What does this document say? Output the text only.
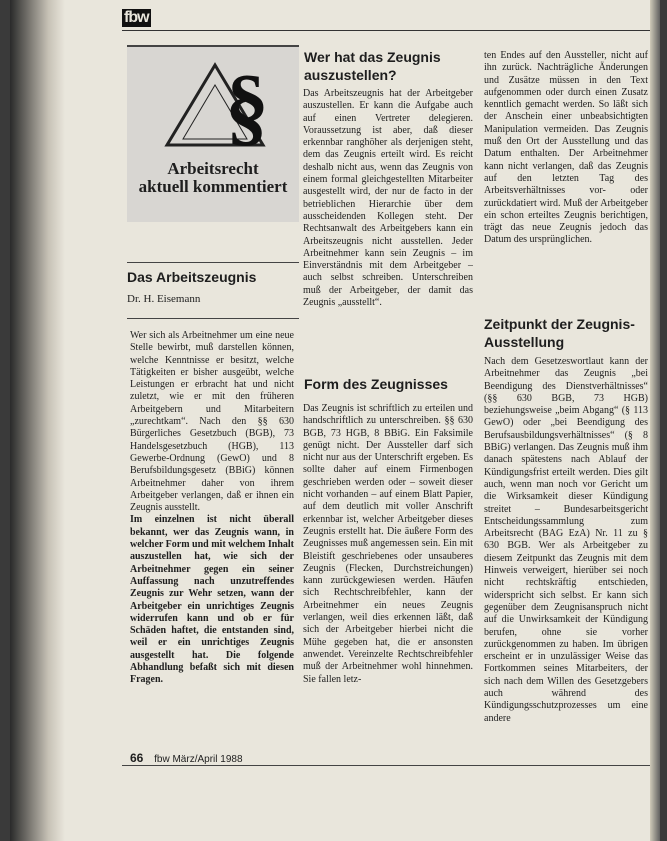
fbw
§
Arbeitsrecht
aktuell kommentiert
Das Arbeitszeugnis
Dr. H. Eisemann

Wer sich als Arbeitnehmer um eine neue Stelle bewirbt, muß darstellen können, welche Kenntnisse er besitzt, welche Tätigkeiten er bisher ausgeübt, welche Leistungen er erbracht hat und nicht zuletzt, wie er mit den früheren Arbeitgebern und Mitarbeitern „zurechtkam“. Nach den §§ 630 Bürgerliches Gesetzbuch (BGB), 73 Handelsgesetzbuch (HGB), 113 Gewerbe-Ordnung (GewO) und 8 Berufsbildungsgesetz (BBiG) können Arbeitnehmer daher von ihrem Arbeitgeber verlangen, daß er ihnen ein Zeugnis ausstellt.

Im einzelnen ist nicht überall bekannt, wer das Zeugnis wann, in welcher Form und mit welchem Inhalt auszustellen hat, wie sich der Arbeitnehmer gegen ein seiner Auffassung nach unzutreffendes Zeugnis zur Wehr setzen, wann der Arbeitgeber ein unrichtiges Zeugnis widerrufen kann und ob er für Schäden haftet, die entstanden sind, weil er ein unrichtiges Zeugnis ausgestellt hat. Die folgende Abhandlung befaßt sich mit diesen Fragen.

Wer hat das Zeugnis auszustellen?

Das Arbeitszeugnis hat der Arbeitgeber auszustellen. Er kann die Aufgabe auch auf einen Vertreter delegieren. Voraussetzung ist aber, daß dieser erkennbar ranghöher als derjenigen steht, dem das Zeugnis erteilt wird. Es reicht deshalb nicht aus, wenn das Zeugnis von einem formal gleichgestellten Mitarbeiter ausgestellt wird, der nur de facto in der betrieblichen Hierarchie über dem ausscheidenden Kollegen steht. Der Rechtsanwalt des Arbeitgebers kann ein Arbeitszeugnis nicht ausstellen. Jeder Arbeitnehmer kann sein Zeugnis – im Einverständnis mit dem Arbeitgeber – auch selbst schreiben. Unterschreiben muß der Arbeitgeber, der damit das Zeugnis „ausstellt“.

Form des Zeugnisses

Das Zeugnis ist schriftlich zu erteilen und handschriftlich zu unterschreiben. §§ 630 BGB, 73 HGB, 8 BBiG. Ein Faksimile genügt nicht. Der Aussteller darf sich nicht nur aus der Unterschrift ergeben. Es sollte daher auf einem Firmenbogen geschrieben werden oder – soweit dieser nicht vorhanden – auf einem Blatt Papier, auf dem deutlich mit voller Anschrift erkennbar ist, welcher Arbeitgeber dieses Zeugnis erstellt hat. Die äußere Form des Zeugnisses muß angemessen sein. Ein mit Bleistift geschriebenes oder unsauberes Zeugnis (Flecken, Durchstreichungen) kann zurückgewiesen werden. Häufen sich Rechtschreibfehler, kann der Arbeitnehmer ein neues Zeugnis verlangen, weil dies erkennen läßt, daß sich der Arbeitgeber hierbei nicht die Mühe gegeben hat, die er ansonsten anwendet. Vereinzelte Rechtschreibfehler muß der Arbeitnehmer wohl hinnehmen. Sie fallen letz-

ten Endes auf den Aussteller, nicht auf ihn zurück. Nachträgliche Änderungen und Zusätze müssen in den Text aufgenommen oder durch einen Zusatz kenntlich gemacht werden. So läßt sich der Anschein einer unbeabsichtigten Manipulation vermeiden. Das Zeugnis muß den Ort der Ausstellung und das Datum enthalten. Der Arbeitnehmer kann nicht verlangen, daß das Zeugnis auf den letzten Tag des Arbeitsverhältnisses vor- oder zurückdatiert wird. Muß der Arbeitgeber ein schon erteiltes Zeugnis berichtigen, trägt das neue Zeugnis jedoch das Datum des ursprünglichen.

Zeitpunkt der Zeugnis-Ausstellung

Nach dem Gesetzeswortlaut kann der Arbeitnehmer das Zeugnis „bei Beendigung des Dienstverhältnisses“ (§§ 630 BGB, 73 HGB) beziehungsweise „beim Abgang“ (§ 113 GewO) oder „bei Beendigung des Berufsausbildungsverhältnisses“ (§ 8 BBiG) verlangen. Das Zeugnis muß ihm danach spätestens nach Ablauf der Kündigungsfrist erteilt werden. Dies gilt auch, wenn man noch vor Gericht um die Wirksamkeit dieser Kündigung streitet – Bundesarbeitsgericht Entscheidungssammlung zum Arbeitsrecht (BAG EzA) Nr. 11 zu § 630 BGB. Wer als Arbeitgeber zu diesem Zeitpunkt das Zeugnis mit dem Hinweis verweigert, hierüber sei noch nicht rechtskräftig entschieden, widerspricht sich selbst. Er kann sich gegenüber dem Zeugnisanspruch nicht auf die Unwirksamkeit der Kündigung berufen, ohne sie vorher zurückgenommen zu haben. Im übrigen erscheint er in unzulässiger Weise das Fortkommen seines Mitarbeiters, der sich nach dem Willen des Gesetzgebers auch während des Kündigungsschutzprozesses um eine andere

66 fbw März/April 1988
